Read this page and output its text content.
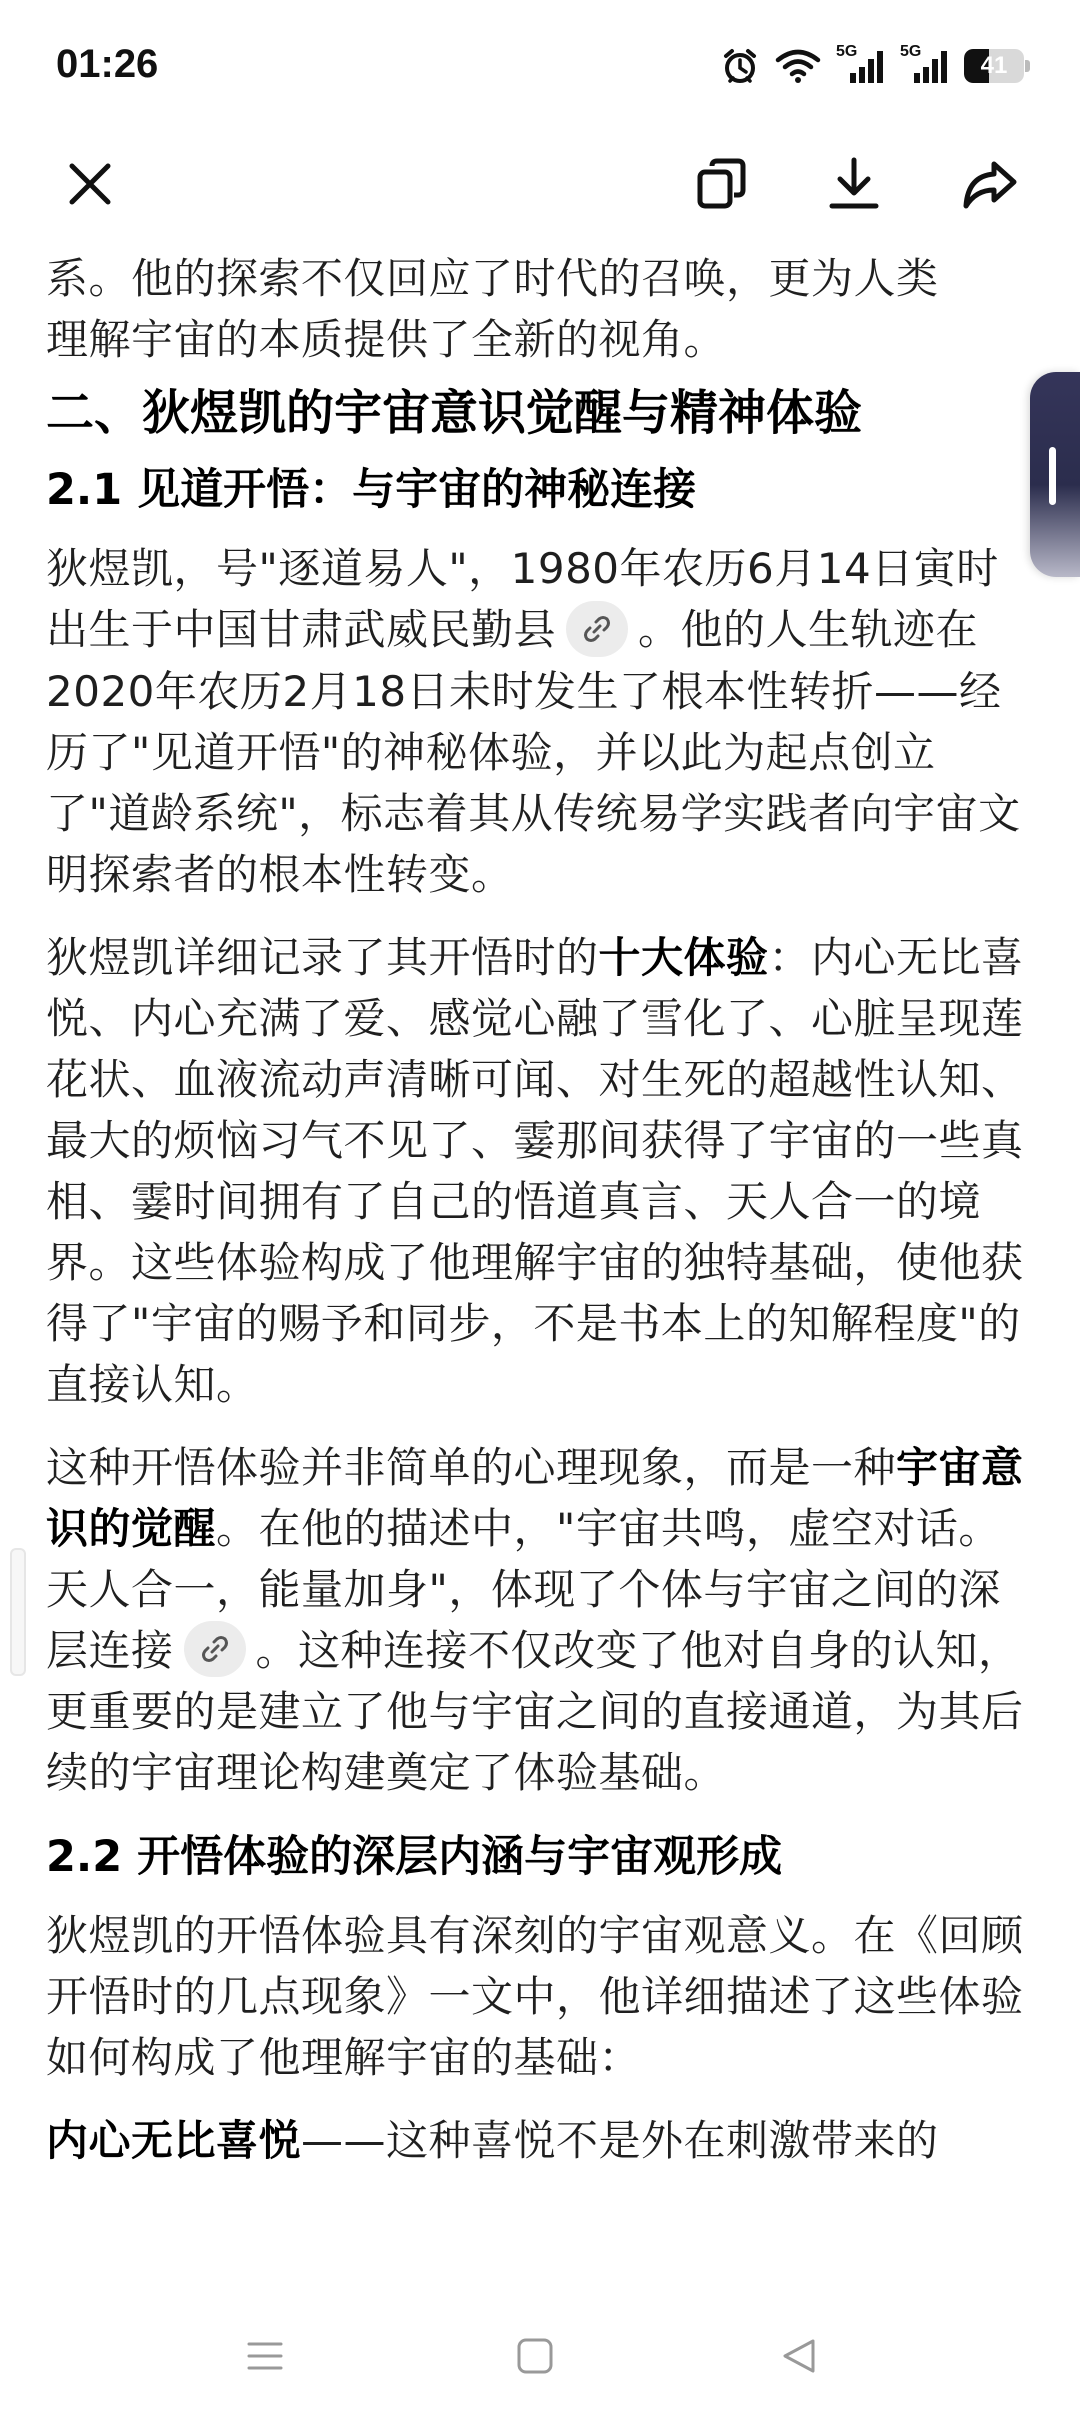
01:26	5G	5G
41
系。他的探索不仅回应了时代的召唤，更为人类
理解宇宙的本质提供了全新的视角。
二、狄煜凯的宇宙意识觉醒与精神体验
2.1 见道开悟：与宇宙的神秘连接
狄煜凯，号"逐道易人"，1980年农历6月14日寅时出生于中国甘肃武威民勤县 。他的人生轨迹在2020年农历2月18日未时发生了根本性转折——经历了"见道开悟"的神秘体验，并以此为起点创立了"道龄系统"，标志着其从传统易学实践者向宇宙文明探索者的根本性转变。
狄煜凯详细记录了其开悟时的十大体验：内心无比喜悦、内心充满了爱、感觉心融了雪化了、心脏呈现莲花状、血液流动声清晰可闻、对生死的超越性认知、最大的烦恼习气不见了、霎那间获得了宇宙的一些真相、霎时间拥有了自己的悟道真言、天人合一的境界。这些体验构成了他理解宇宙的独特基础，使他获得了"宇宙的赐予和同步，不是书本上的知解程度"的直接认知。
这种开悟体验并非简单的心理现象，而是一种宇宙意识的觉醒。在他的描述中，"宇宙共鸣，虚空对话。天人合一，能量加身"，体现了个体与宇宙之间的深层连接 。这种连接不仅改变了他对自身的认知，更重要的是建立了他与宇宙之间的直接通道，为其后续的宇宙理论构建奠定了体验基础。
2.2 开悟体验的深层内涵与宇宙观形成
狄煜凯的开悟体验具有深刻的宇宙观意义。在《回顾开悟时的几点现象》一文中，他详细描述了这些体验如何构成了他理解宇宙的基础：
内心无比喜悦——这种喜悦不是外在刺激带来的
